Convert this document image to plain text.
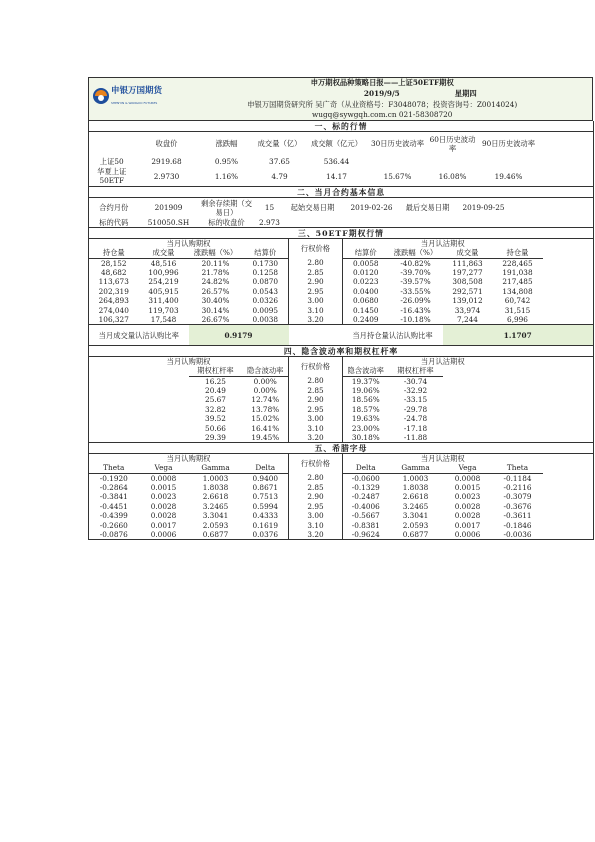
申银万国期货
SHENYIN & WANGUO FUTURES
	申万期权品种策略日报——上证50ETF期权
2019/9/5	星期四
申银万国期货研究所 吴广奇（从业资格号：F3048078；投资咨询号：Z0014024)
wugq@sywgqh.com.cn 021-58308720
一、标的行情								
	收盘价	涨跌幅	成交量（亿）	成交额（亿元）	30日历史波动率	60日历史波动率	90日历史波动率	
上证50	2919.68	0.95%	37.65	536.44				
华夏上证50ETF	2.9730	1.16%	4.79	14.17	15.67%	16.08%	19.46%	
二、当月合约基本信息								
合约月份	201909	剩余存续期（交易日）	15	起始交易日期	2019-02-26	最后交易日期	2019-09-25	
标的代码	510050.SH	标的收盘价	2.973					
三、50ETF期权行情									
当月认购期权				行权价格	当月认沽期权				
持仓量	成交量	涨跌幅（%）	结算价		结算价	涨跌幅（%）	成交量	持仓量	
28,152	48,516	20.11%	0.1730	2.80	0.0058	-40.82%	111,863	228,465	
48,682	100,996	21.78%	0.1258	2.85	0.0120	-39.70%	197,277	191,038	
113,673	254,219	24.82%	0.0870	2.90	0.0223	-39.57%	308,508	217,485	
202,319	405,915	26.57%	0.0543	2.95	0.0400	-33.55%	292,571	134,808	
264,893	311,400	30.40%	0.0326	3.00	0.0680	-26.09%	139,012	60,742	
274,040	119,703	30.14%	0.0095	3.10	0.1450	-16.43%	33,974	31,515	
106,327	17,548	26.67%	0.0038	3.20	0.2409	-10.18%	7,244	6,996	
当月成交量认沽认购比率		0.9179			当月持仓量认沽认购比率		1.1707		
四、隐含波动率和期权杠杆率									
当月认购期权				行权价格	当月认沽期权				
		期权杠杆率	隐含波动率		隐含波动率	期权杠杆率			
		16.25	0.00%	2.80	19.37%	-30.74			
		20.49	0.00%	2.85	19.06%	-32.92			
		25.67	12.74%	2.90	18.56%	-33.15			
		32.82	13.78%	2.95	18.57%	-29.78			
		39.52	15.02%	3.00	19.63%	-24.78			
		50.66	16.41%	3.10	23.00%	-17.18			
		29.39	19.45%	3.20	30.18%	-11.88			
五、希腊字母									
当月认购期权				行权价格	当月认沽期权				
Theta	Vega	Gamma	Delta		Delta	Gamma	Vega	Theta	
-0.1920	0.0008	1.0003	0.9400	2.80	-0.0600	1.0003	0.0008	-0.1184	
-0.2864	0.0015	1.8038	0.8671	2.85	-0.1329	1.8038	0.0015	-0.2116	
-0.3841	0.0023	2.6618	0.7513	2.90	-0.2487	2.6618	0.0023	-0.3079	
-0.4451	0.0028	3.2465	0.5994	2.95	-0.4006	3.2465	0.0028	-0.3676	
-0.4399	0.0028	3.3041	0.4333	3.00	-0.5667	3.3041	0.0028	-0.3611	
-0.2660	0.0017	2.0593	0.1619	3.10	-0.8381	2.0593	0.0017	-0.1846	
-0.0876	0.0006	0.6877	0.0376	3.20	-0.9624	0.6877	0.0006	-0.0036	
